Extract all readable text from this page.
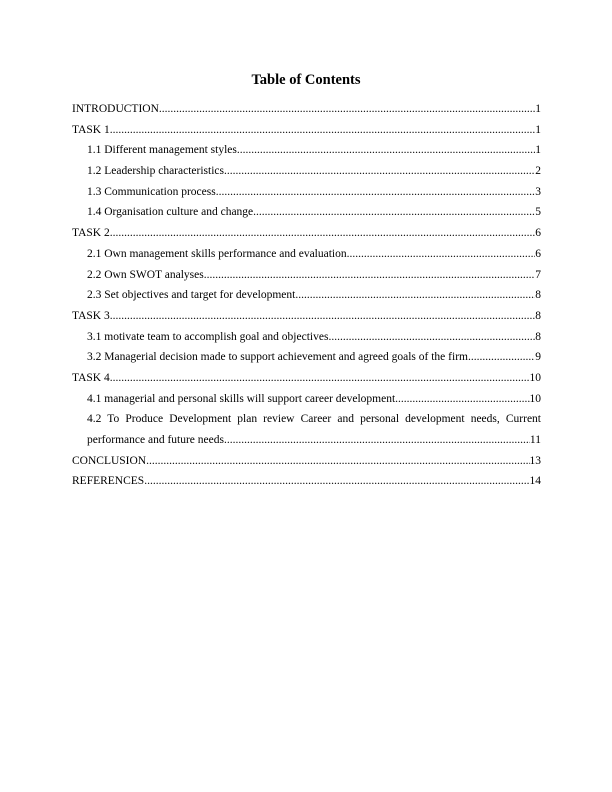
Table of Contents
INTRODUCTION .....	1
TASK 1 .....	1
1.1 Different management styles .....	1
1.2 Leadership characteristics .....	2
1.3 Communication process .....	3
1.4 Organisation culture and change .....	5
TASK 2 .....	6
2.1 Own management skills performance and evaluation .....	6
2.2 Own SWOT analyses .....	7
2.3 Set objectives and target for development .....	8
TASK 3 .....	8
3.1 motivate team to accomplish goal and objectives .....	8
3.2 Managerial decision made to support achievement and agreed goals of the firm .....	9
TASK 4 .....	10
4.1 managerial and personal skills will support career development .....	10
4.2 To Produce Development plan review Career and personal development needs, Current
performance and future needs .....	11
CONCLUSION .....	13
REFERENCES .....	14
